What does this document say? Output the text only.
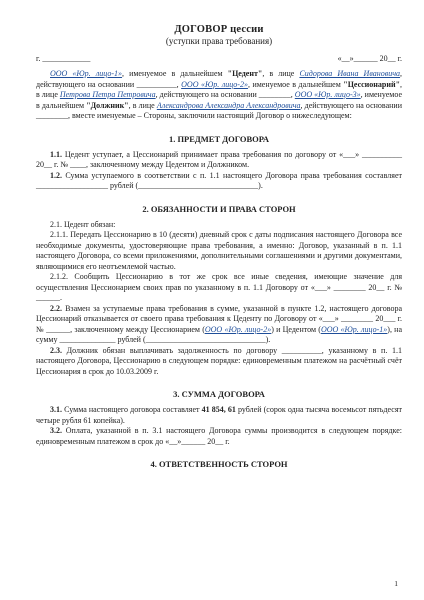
ДОГОВОР цессии
(уступки права требования)
г. ____________	«__»______ 20__ г.

ООО «Юр. лицо-1», именуемое в дальнейшем "Цедент", в лице Сидорова Ивана Ивановича, действующего на основании __________, ООО «Юр. лицо-2», именуемое в дальнейшем "Цессионарий", в лице Петрова Петра Петровича, действующего на основании ________, ООО «Юр. лицо-3», именуемое в дальнейшем "Должник", в лице Александрова Александра Александровича, действующего на основании ________, вместе именуемые – Стороны, заключили настоящий Договор о нижеследующем:

1. ПРЕДМЕТ ДОГОВОРА

1.1. Цедент уступает, а Цессионарий принимает права требования по договору от «___» __________ 20__ г. № ____, заключенному между Цедентом и Должником.

1.2. Сумма уступаемого в соответствии с п. 1.1 настоящего Договора права требования составляет __________________ рублей (______________________________).

2. ОБЯЗАННОСТИ И ПРАВА СТОРОН

2.1. Цедент обязан:

2.1.1. Передать Цессионарию в 10 (десяти) дневный срок с даты подписания настоящего Договора все необходимые документы, удостоверяющие права требования, а именно: Договор, указанный в п. 1.1 настоящего Договора, со всеми приложениями, дополнительными соглашениями и другими документами, являющимися его неотъемлемой частью.

2.1.2. Сообщить Цессионарию в тот же срок все иные сведения, имеющие значение для осуществления Цессионарием своих прав по указанному в п. 1.1 Договору от «___» ________ 20__ г. № ______.

2.2. Взамен за уступаемые права требования в сумме, указанной в пункте 1.2, настоящего договора Цессионарий отказывается от своего права требования к Цеденту по Договору от «___» ________ 20___ г. № ______, заключенному между Цессионарием (ООО «Юр. лицо-2») и Цедентом (ООО «Юр. лицо-1»), на сумму ______________ рублей (______________________________).

2.3. Должник обязан выплачивать задолженность по договору __________, указанному в п. 1.1 настоящего Договора, Цессионарию в следующем порядке: единовременным платежом на расчётный счёт Цессионария в срок до 10.03.2009 г.

3. СУММА ДОГОВОРА

3.1. Сумма настоящего договора составляет 41 854, 61 рублей (сорок одна тысяча восемьсот пятьдесят четыре рубля 61 копейка).

3.2. Оплата, указанной в п. 3.1 настоящего Договора суммы производится в следующем порядке: единовременным платежом в срок до «__»______ 20__ г.

4. ОТВЕТСТВЕННОСТЬ СТОРОН
1
